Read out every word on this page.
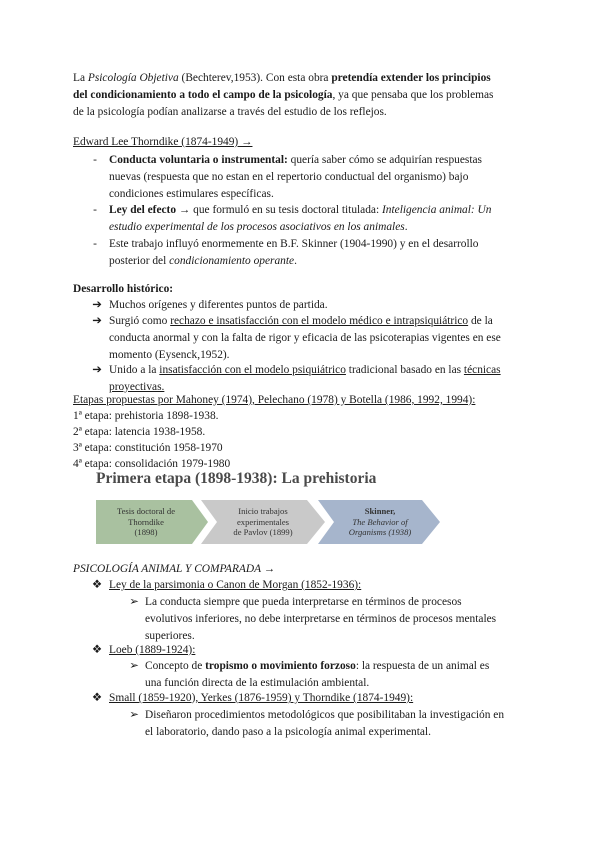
La Psicología Objetiva (Bechterev,1953). Con esta obra pretendía extender los principios
del condicionamiento a todo el campo de la psicología, ya que pensaba que los problemas
de la psicología podían analizarse a través del estudio de los reflejos.
Edward Lee Thorndike (1874-1949) →
-	Conducta voluntaria o instrumental: quería saber cómo se adquirían respuestas
nuevas (respuesta que no estan en el repertorio conductual del organismo) bajo
condiciones estimulares específicas.
-	Ley del efecto → que formuló en su tesis doctoral titulada: Inteligencia animal: Un
estudio experimental de los procesos asociativos en los animales.
-	Este trabajo influyó enormemente en B.F. Skinner (1904-1990) y en el desarrollo
posterior del condicionamiento operante.
Desarrollo histórico:
➔ Muchos orígenes y diferentes puntos de partida.
➔ Surgió como rechazo e insatisfacción con el modelo médico e intrapsiquiátrico de la
conducta anormal y con la falta de rigor y eficacia de las psicoterapias vigentes en ese
momento (Eysenck,1952).
➔ Unido a la insatisfacción con el modelo psiquiátrico tradicional basado en las técnicas
proyectivas.
Etapas propuestas por Mahoney (1974), Pelechano (1978) y Botella (1986, 1992, 1994):
1ª etapa: prehistoria 1898-1938.
2ª etapa: latencia 1938-1958.
3ª etapa: constitución 1958-1970
4ª etapa: consolidación 1979-1980
Primera etapa (1898-1938): La prehistoria
Tesis doctoral de
Thorndike
(1898)
Inicio trabajos
experimentales
de Pavlov (1899)
Skinner,
The Behavior of
Organisms (1938)
PSICOLOGÍA ANIMAL Y COMPARADA →
❖ Ley de la parsimonia o Canon de Morgan (1852-1936):
➢ La conducta siempre que pueda interpretarse en términos de procesos
evolutivos inferiores, no debe interpretarse en términos de procesos mentales
superiores.
❖ Loeb (1889-1924):
➢ Concepto de tropismo o movimiento forzoso: la respuesta de un animal es
una función directa de la estimulación ambiental.
❖ Small (1859-1920), Yerkes (1876-1959) y Thorndike (1874-1949):
➢ Diseñaron procedimientos metodológicos que posibilitaban la investigación en
el laboratorio, dando paso a la psicología animal experimental.
